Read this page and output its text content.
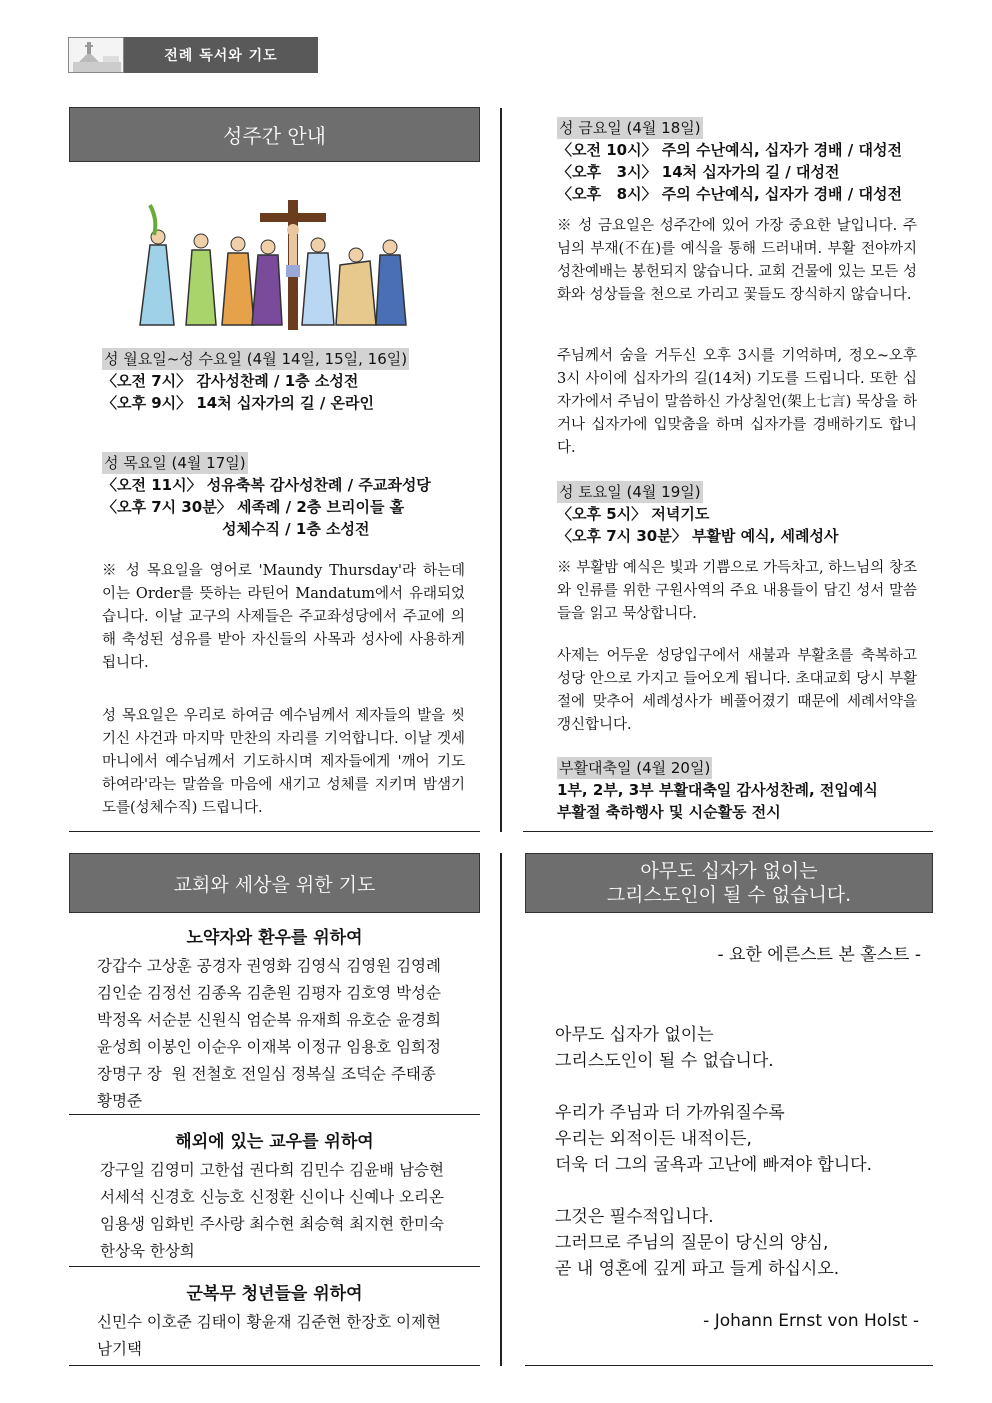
전례 독서와 기도
성주간 안내
성 월요일~성 수요일 (4월 14일, 15일, 16일)
〈오전 7시〉 감사성찬례 / 1층 소성전
〈오후 9시〉 14처 십자가의 길 / 온라인
성 목요일 (4월 17일)
〈오전 11시〉 성유축복 감사성찬례 / 주교좌성당
〈오후 7시 30분〉 세족례 / 2층 브리이들 홀
성체수직 / 1층 소성전
※ 성 목요일을 영어로 'Maundy Thursday'라 하는데 이는 Order를 뜻하는 라틴어 Mandatum에서 유래되었습니다. 이날 교구의 사제들은 주교좌성당에서 주교에 의해 축성된 성유를 받아 자신들의 사목과 성사에 사용하게 됩니다.
성 목요일은 우리로 하여금 예수님께서 제자들의 발을 씻기신 사건과 마지막 만찬의 자리를 기억합니다. 이날 겟세마니에서 예수님께서 기도하시며 제자들에게 '깨어 기도하여라'라는 말씀을 마음에 새기고 성체를 지키며 밤샘기도를(성체수직) 드립니다.
성 금요일 (4월 18일)
〈오전 10시〉 주의 수난예식, 십자가 경배 / 대성전
〈오후   3시〉 14처 십자가의 길 / 대성전
〈오후   8시〉 주의 수난예식, 십자가 경배 / 대성전
※ 성 금요일은 성주간에 있어 가장 중요한 날입니다. 주님의 부재(不在)를 예식을 통해 드러내며. 부활 전야까지 성찬예배는 봉헌되지 않습니다. 교회 건물에 있는 모든 성화와 성상들을 천으로 가리고 꽃들도 장식하지 않습니다.
주님께서 숨을 거두신 오후 3시를 기억하며, 정오~오후 3시 사이에 십자가의 길(14처) 기도를 드립니다. 또한 십자가에서 주님이 말씀하신 가상칠언(架上七言) 묵상을 하거나 십자가에 입맞춤을 하며 십자가를 경배하기도 합니다.
성 토요일 (4월 19일)
〈오후 5시〉 저녁기도
〈오후 7시 30분〉 부활밤 예식, 세례성사
※ 부활밤 예식은 빛과 기쁨으로 가득차고, 하느님의 창조와 인류를 위한 구원사역의 주요 내용들이 담긴 성서 말씀들을 읽고 묵상합니다.
사제는 어두운 성당입구에서 새불과 부활초를 축복하고 성당 안으로 가지고 들어오게 됩니다. 초대교회 당시 부활절에 맞추어 세례성사가 베풀어졌기 때문에 세례서약을 갱신합니다.
부활대축일 (4월 20일)
1부, 2부, 3부 부활대축일 감사성찬례, 전입예식
부활절 축하행사 및 시순활동 전시
교회와 세상을 위한 기도
노약자와 환우를 위하여
강갑수 고상훈 공경자 권영화 김영식 김영원 김영례
김인순 김정선 김종옥 김춘원 김평자 김호영 박성순
박정옥 서순분 신원식 엄순복 유재희 유호순 윤경희
윤성희 이봉인 이순우 이재복 이정규 임용호 임희정
장명구 장  원 전철호 전일심 정복실 조덕순 주태종
황명준
해외에 있는 교우를 위하여
강구일 김영미 고한섭 권다희 김민수 김윤배 남승현
서세석 신경호 신능호 신정환 신이나 신예나 오리온
임용생 임화빈 주사랑 최수현 최승혁 최지현 한미숙
한상욱 한상희
군복무 청년들을 위하여
신민수 이호준 김태이 황윤재 김준현 한장호 이제현
남기택
아무도 십자가 없이는
그리스도인이 될 수 없습니다.
- 요한 에른스트 본 홀스트 -
아무도 십자가 없이는
그리스도인이 될 수 없습니다.
우리가 주님과 더 가까워질수록
우리는 외적이든 내적이든,
더욱 더 그의 굴욕과 고난에 빠져야 합니다.
그것은 필수적입니다.
그러므로 주님의 질문이 당신의 양심,
곧 내 영혼에 깊게 파고 들게 하십시오.
- Johann Ernst von Holst -
